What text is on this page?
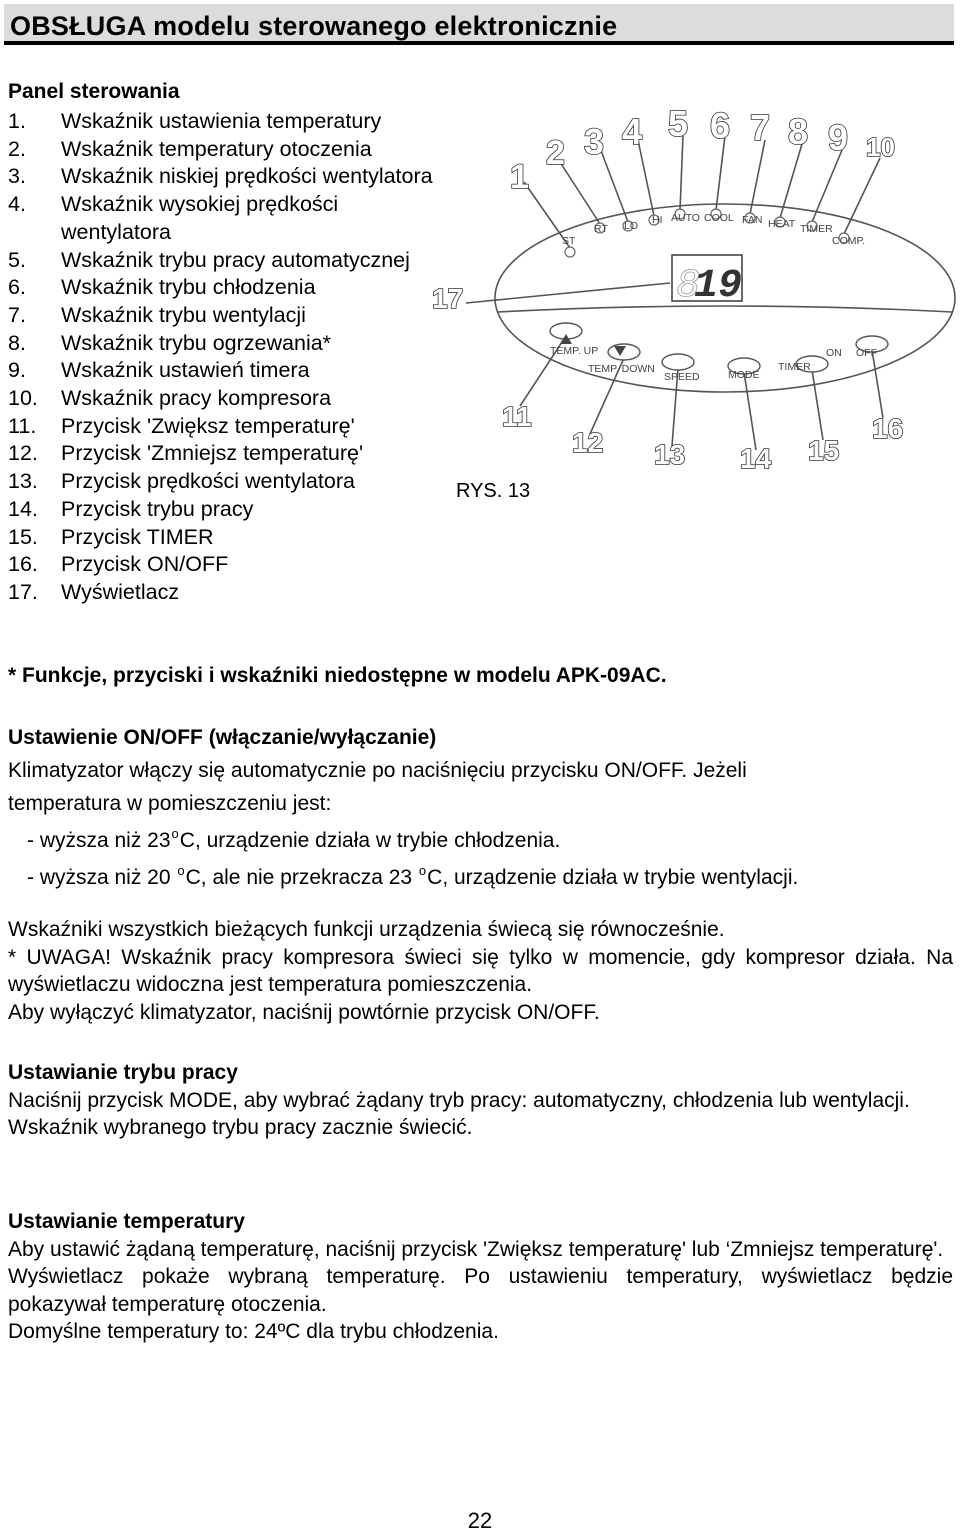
OBSŁUGA modelu sterowanego elektronicznie
Panel sterowania
1.	Wskaźnik ustawienia temperatury
2.	Wskaźnik temperatury otoczenia
3.	Wskaźnik niskiej prędkości wentylatora
4.	Wskaźnik wysokiej prędkości wentylatora
5.	Wskaźnik trybu pracy automatycznej
6.	Wskaźnik trybu chłodzenia
7.	Wskaźnik trybu wentylacji
8.	Wskaźnik trybu ogrzewania*
9.	Wskaźnik ustawień timera
10.	Wskaźnik pracy kompresora
11.	Przycisk 'Zwiększ temperaturę'
12.	Przycisk 'Zmniejsz temperaturę'
13.	Przycisk prędkości wentylatora
14.	Przycisk trybu pracy
15.	Przycisk TIMER
16.	Przycisk ON/OFF
17.	Wyświetlacz
* Funkcje, przyciski i wskaźniki niedostępne w modelu APK-09AC.
19
8
ST
RT LO HI AUTO COOL FAN HEAT TIMER
COMP.
TEMP. UP
TEMP. DOWN
SPEED	MODE
TIMER
ON OFF
1
2 3 4 5 6 7 8 9 10
11
12 13 14 15
16
17
RYS. 13
Ustawienie ON/OFF (włączanie/wyłączanie)
Klimatyzator włączy się automatycznie po naciśnięciu przycisku ON/OFF. Jeżeli
temperatura w pomieszczeniu jest:
- wyższa niż 23$^o$C, urządzenie działa w trybie chłodzenia.
- wyższa niż 20 $^o$C, ale nie przekracza 23 $^o$C, urządzenie działa w trybie wentylacji.
Wskaźniki wszystkich bieżących funkcji urządzenia świecą się równocześnie.
* UWAGA! Wskaźnik pracy kompresora świeci się tylko w momencie, gdy kompresor działa. Na wyświetlaczu widoczna jest temperatura pomieszczenia.
Aby wyłączyć klimatyzator, naciśnij powtórnie przycisk ON/OFF.
Ustawianie trybu pracy
Naciśnij przycisk MODE, aby wybrać żądany tryb pracy: automatyczny, chłodzenia lub wentylacji.
Wskaźnik wybranego trybu pracy zacznie świecić.
Ustawianie temperatury
Aby ustawić żądaną temperaturę, naciśnij przycisk 'Zwiększ temperaturę' lub ‘Zmniejsz temperaturę'.
Wyświetlacz pokaże wybraną temperaturę. Po ustawieniu temperatury, wyświetlacz będzie pokazywał temperaturę otoczenia.
Domyślne temperatury to: 24ºC dla trybu chłodzenia.
22
